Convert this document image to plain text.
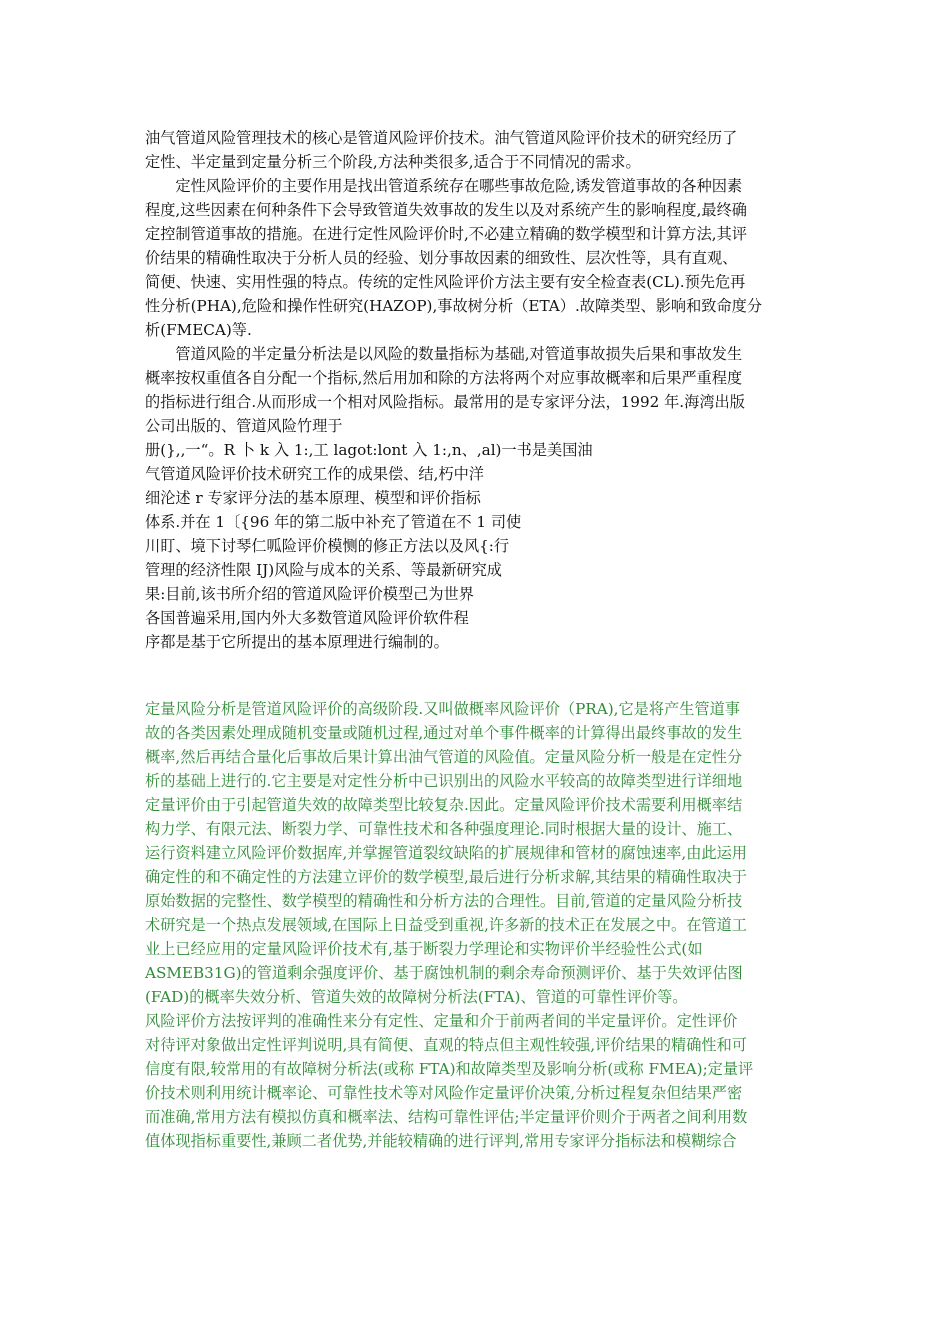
油气管道风险管理技术的核心是管道风险评价技术。油气管道风险评价技术的研究经历了
定性、半定量到定量分析三个阶段,方法种类很多,适合于不同情况的需求。
　　定性风险评价的主要作用是找出管道系统存在哪些事故危险,诱发管道事故的各种因素
程度,这些因素在何种条件下会导致管道失效事故的发生以及对系统产生的影响程度,最终确
定控制管道事故的措施。在进行定性风险评价时,不必建立精确的数学模型和计算方法,其评
价结果的精确性取决于分析人员的经验、划分事故因素的细致性、层次性等，具有直观、
简便、快速、实用性强的特点。传统的定性风险评价方法主要有安全检查表(CL).预先危再
性分析(PHA),危险和操作性研究(HAZOP),事故树分析（ETA）.故障类型、影响和致命度分
析(FMECA)等.
　　管道风险的半定量分析法是以风险的数量指标为基础,对管道事故损失后果和事故发生
概率按权重值各自分配一个指标,然后用加和除的方法将两个对应事故概率和后果严重程度
的指标进行组合.从而形成一个相对风险指标。最常用的是专家评分法，1992 年.海湾出版
公司出版的、管道风险竹理于
册(},,一“。R 卜 k 入 1:,工 lagot:lont 入 1:,n、,al)一书是美国油
气管道风险评价技术研究工作的成果偿、结,朽中洋
细沦述 r 专家评分法的基本原理、模型和评价指标
体系.并在 1〔{96 年的第二版中补充了管道在不 1 司使
川盯、境下讨琴仁呱险评价模恻的修正方法以及风{:行
管理的经济性限 IJ)风险与成本的关系、等最新研究成
果:目前,该书所介绍的管道风险评价模型己为世界
各国普遍采用,国内外大多数管道风险评价软件程
序都是基于它所提出的基本原理进行编制的。
定量风险分析是管道风险评价的高级阶段.又叫做概率风险评价（PRA),它是将产生管道事
故的各类因素处理成随机变量或随机过程,通过对单个事件概率的计算得出最终事故的发生
概率,然后再结合量化后事故后果计算出油气管道的风险值。定量风险分析一般是在定性分
析的基础上进行的.它主要是对定性分析中已识别出的风险水平较高的故障类型进行详细地
定量评价由于引起管道失效的故障类型比较复杂.因此。定量风险评价技术需要利用概率结
构力学、有限元法、断裂力学、可靠性技术和各种强度理论.同时根据大量的设计、施工、
运行资料建立风险评价数据库,并掌握管道裂纹缺陷的扩展规律和管材的腐蚀速率,由此运用
确定性的和不确定性的方法建立评价的数学模型,最后进行分析求解,其结果的精确性取决于
原始数据的完整性、数学模型的精确性和分析方法的合理性。目前,管道的定量风险分析技
术研究是一个热点发展领域,在国际上日益受到重视,许多新的技术正在发展之中。在管道工
业上已经应用的定量风险评价技术有,基于断裂力学理论和实物评价半经验性公式(如
ASMEB31G)的管道剩余强度评价、基于腐蚀机制的剩余寿命预测评价、基于失效评估图
(FAD)的概率失效分析、管道失效的故障树分析法(FTA)、管道的可靠性评价等。
风险评价方法按评判的准确性来分有定性、定量和介于前两者间的半定量评价。定性评价
对待评对象做出定性评判说明,具有简便、直观的特点但主观性较强,评价结果的精确性和可
信度有限,较常用的有故障树分析法(或称 FTA)和故障类型及影响分析(或称 FMEA);定量评
价技术则利用统计概率论、可靠性技术等对风险作定量评价决策,分析过程复杂但结果严密
而准确,常用方法有模拟仿真和概率法、结构可靠性评估;半定量评价则介于两者之间利用数
值体现指标重要性,兼顾二者优势,并能较精确的进行评判,常用专家评分指标法和模糊综合
